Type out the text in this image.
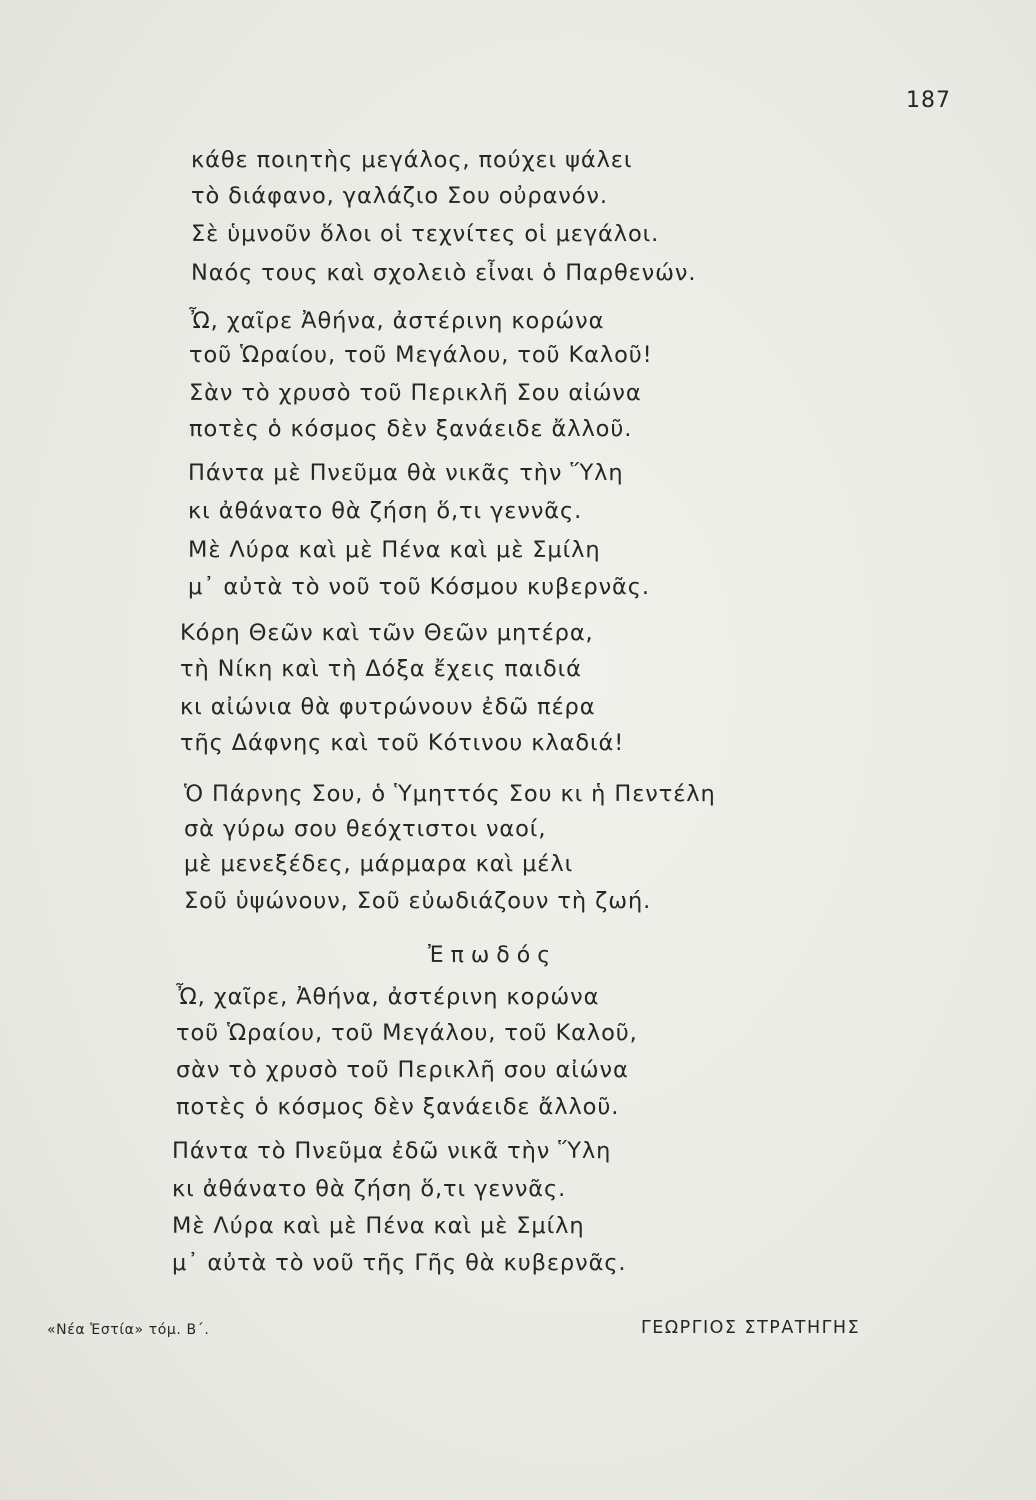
187
κάθε ποιητὴς μεγάλος, πούχει ψάλει
τὸ διάφανο, γαλάζιο Σου οὐρανόν.
Σὲ ὑμνοῦν ὅλοι οἱ τεχνίτες οἱ μεγάλοι.
Ναός τους καὶ σχολειὸ εἶναι ὁ Παρθενών.
Ὦ, χαῖρε Ἀθήνα, ἀστέρινη κορώνα
τοῦ Ὡραίου, τοῦ Μεγάλου, τοῦ Καλοῦ!
Σὰν τὸ χρυσὸ τοῦ Περικλῆ Σου αἰώνα
ποτὲς ὁ κόσμος δὲν ξανάειδε ἄλλοῦ.
Πάντα μὲ Πνεῦμα θὰ νικᾶς τὴν Ὕλη
κι ἀθάνατο θὰ ζήση ὅ,τι γεννᾶς.
Μὲ Λύρα καὶ μὲ Πένα καὶ μὲ Σμίλη
μ᾽ αὐτὰ τὸ νοῦ τοῦ Κόσμου κυβερνᾶς.
Κόρη Θεῶν καὶ τῶν Θεῶν μητέρα,
τὴ Νίκη καὶ τὴ Δόξα ἔχεις παιδιά
κι αἰώνια θὰ φυτρώνουν ἐδῶ πέρα
τῆς Δάφνης καὶ τοῦ Κότινου κλαδιά!
Ὁ Πάρνης Σου, ὁ Ὑμηττός Σου κι ἡ Πεντέλη
σὰ γύρω σου θεόχτιστοι ναοί,
μὲ μενεξέδες, μάρμαρα καὶ μέλι
Σοῦ ὑψώνουν, Σοῦ εὐωδιάζουν τὴ ζωή.
Ἐπωδός
Ὦ, χαῖρε, Ἀθήνα, ἀστέρινη κορώνα
τοῦ Ὡραίου, τοῦ Μεγάλου, τοῦ Καλοῦ,
σὰν τὸ χρυσὸ τοῦ Περικλῆ σου αἰώνα
ποτὲς ὁ κόσμος δὲν ξανάειδε ἄλλοῦ.
Πάντα τὸ Πνεῦμα ἐδῶ νικᾶ τὴν Ὕλη
κι ἀθάνατο θὰ ζήση ὅ,τι γεννᾶς.
Μὲ Λύρα καὶ μὲ Πένα καὶ μὲ Σμίλη
μ᾽ αὐτὰ τὸ νοῦ τῆς Γῆς θὰ κυβερνᾶς.
«Νέα Ἑστία» τόμ. Β΄.	ΓΕΩΡΓΙΟΣ ΣΤΡΑΤΗΓΗΣ
